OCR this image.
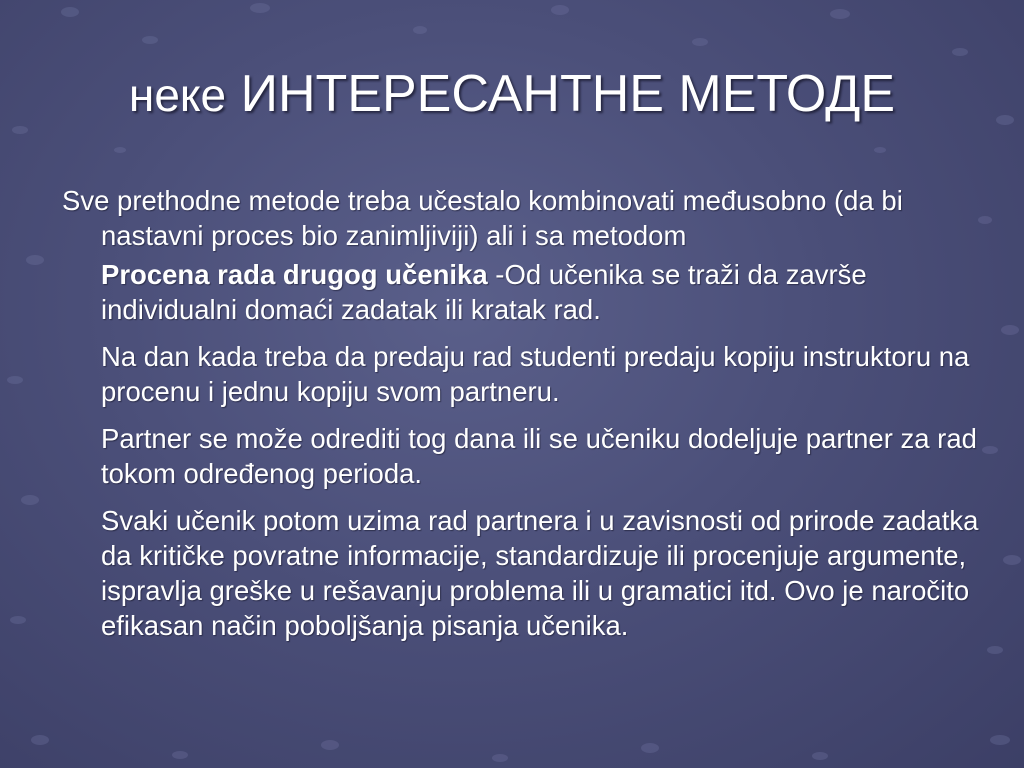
неке ИНТЕРЕСАНТНЕ МЕТОДЕ

Sve prethodne metode treba učestalo kombinovati međusobno (da bi nastavni proces bio zanimljiviji) ali i sa metodom

Procena rada drugog učenika -Od učenika se traži da završe individualni domaći zadatak ili kratak rad.

Na dan kada treba da predaju rad studenti predaju kopiju instruktoru na procenu i jednu kopiju svom partneru.

Partner se može odrediti tog dana ili se učeniku dodeljuje partner za rad tokom određenog perioda.

Svaki učenik potom uzima rad partnera i u zavisnosti od prirode zadatka da kritičke povratne informacije, standardizuje ili procenjuje argumente, ispravlja greške u rešavanju problema ili u gramatici itd. Ovo je naročito efikasan način poboljšanja pisanja učenika.
